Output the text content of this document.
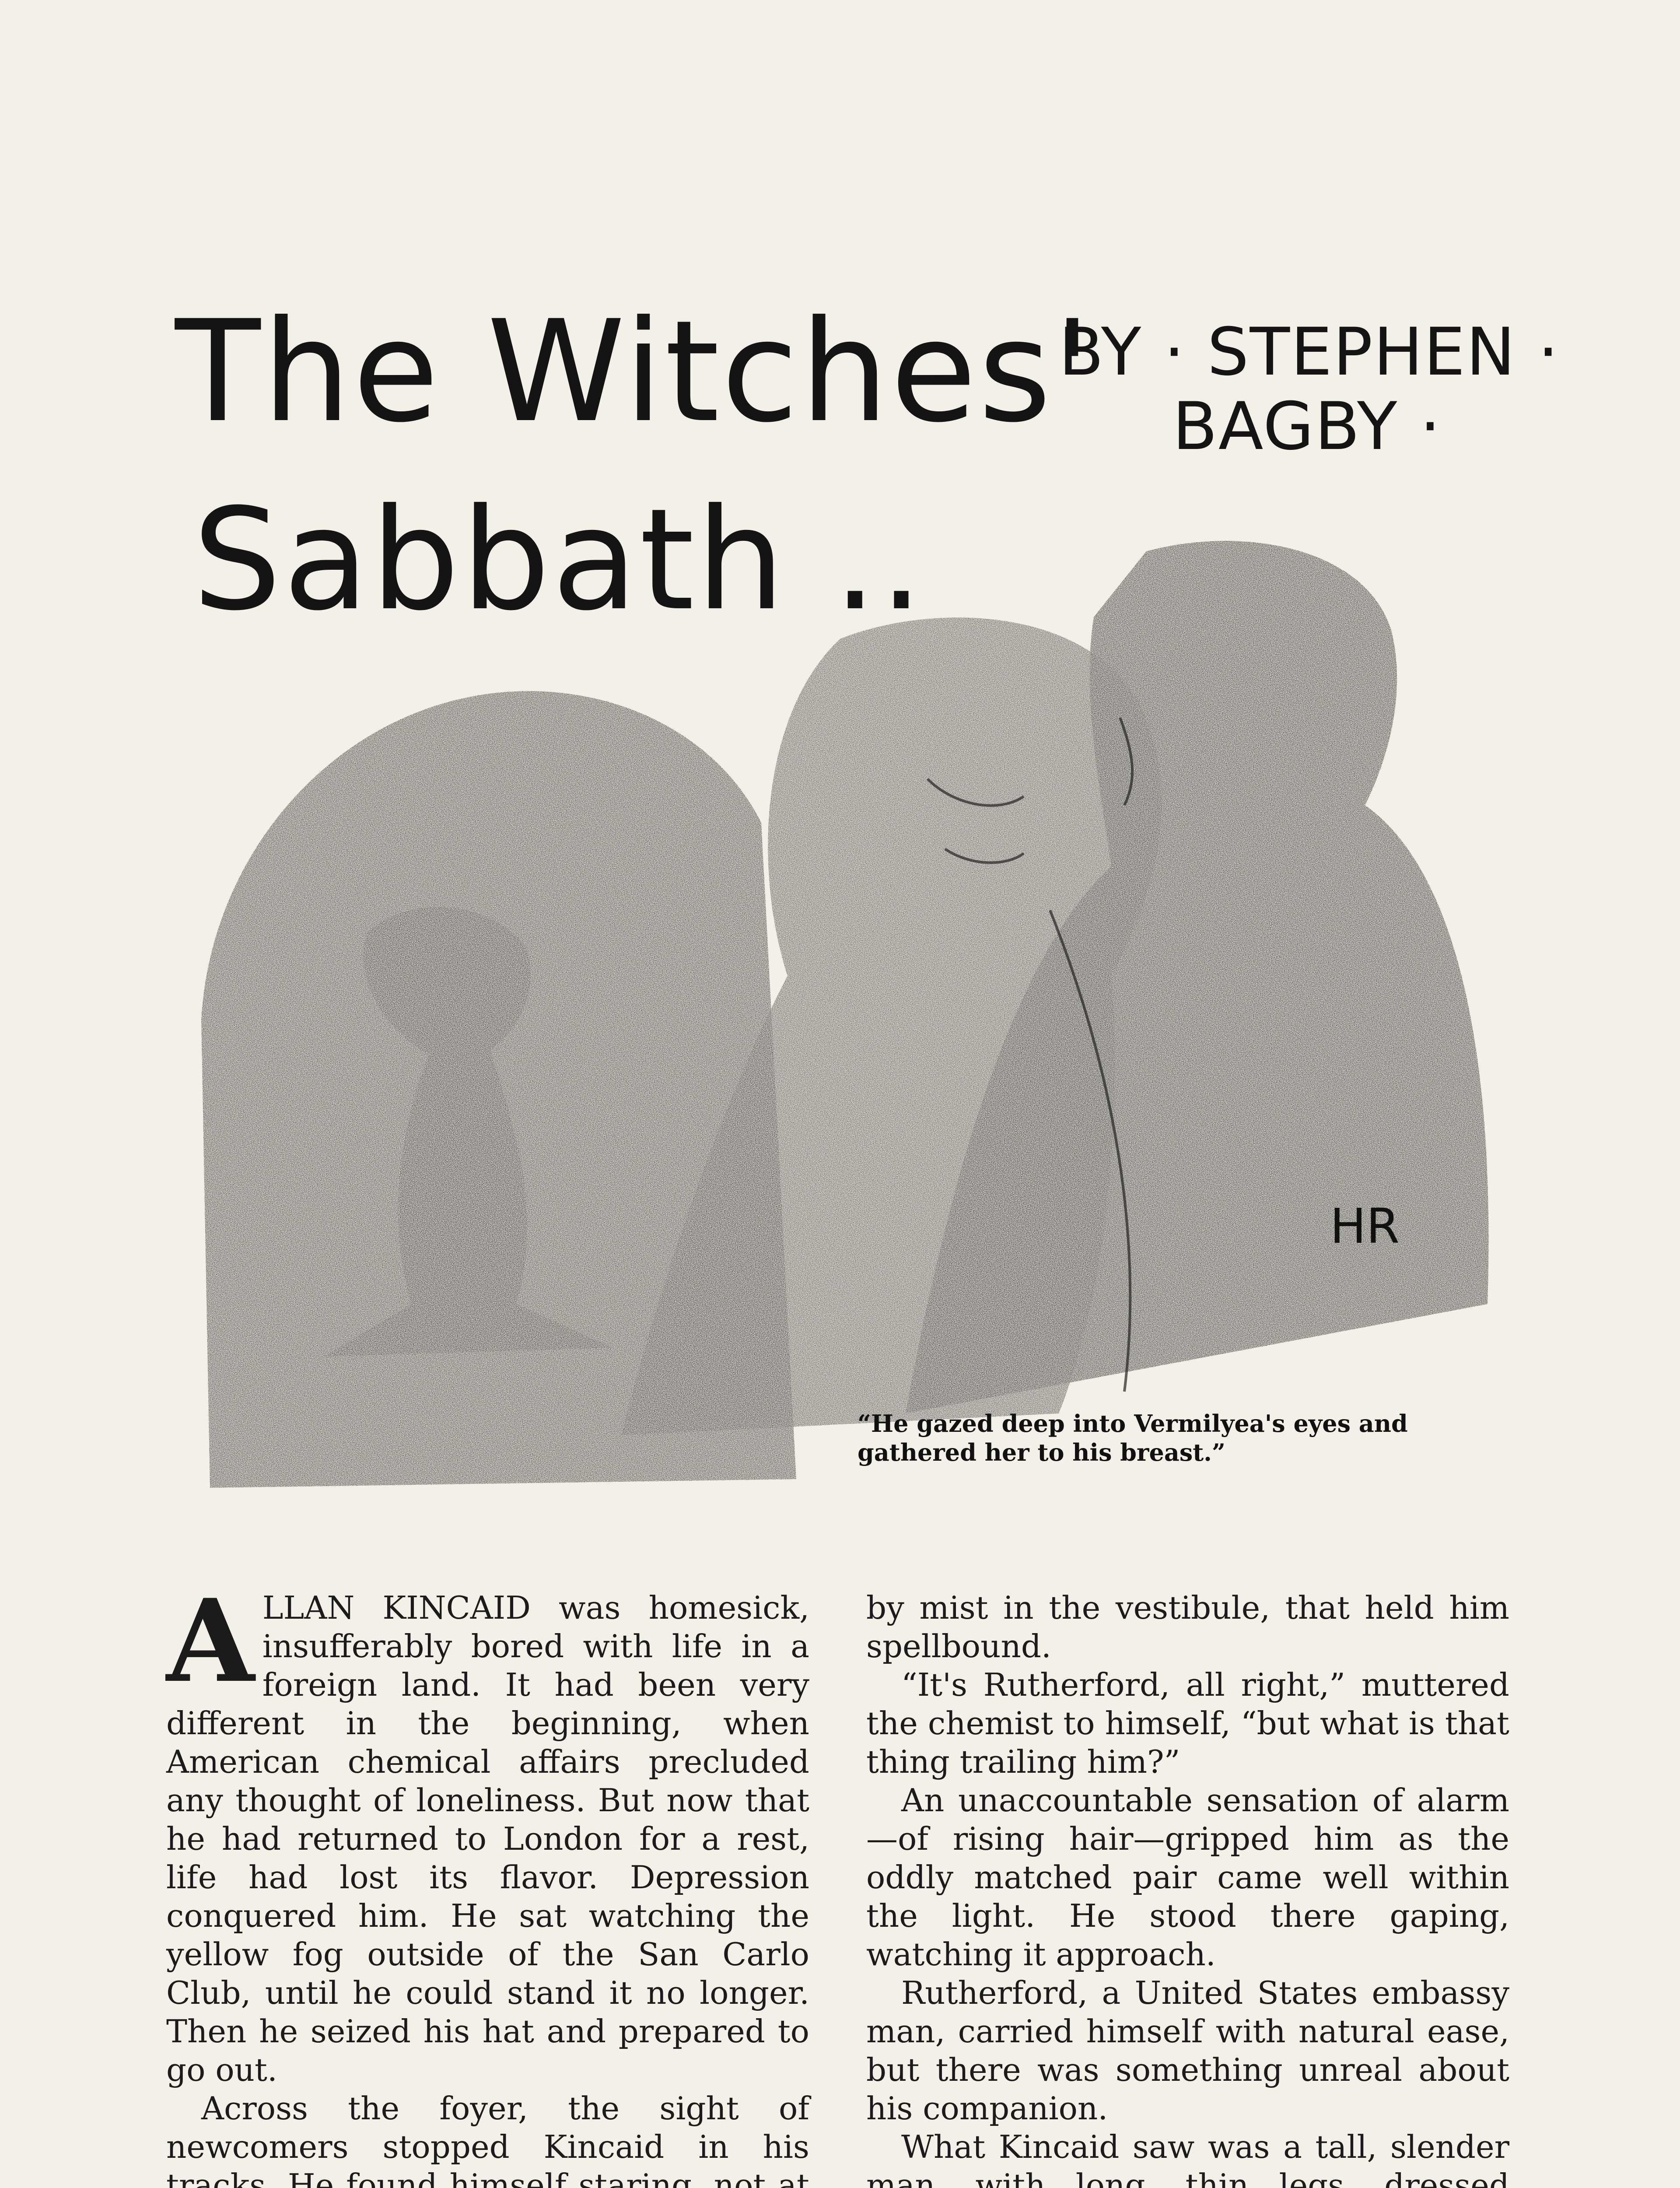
The Witches'
Sabbath ..
BY · STEPHEN ·
BAGBY ·
HR
“He gazed deep into Vermilyea's eyes and gathered her to his breast.”

ALLAN KINCAID was homesick, insufferably bored with life in a foreign land. It had been very different in the beginning, when American chemical affairs precluded any thought of loneliness. But now that he had returned to London for a rest, life had lost its flavor. Depression conquered him. He sat watching the yellow fog outside of the San Carlo Club, until he could stand it no longer. Then he seized his hat and prepared to go out.

Across the foyer, the sight of newcomers stopped Kincaid in his tracks. He found himself staring, not at

by mist in the vestibule, that held him spellbound.

“It's Rutherford, all right,” muttered the chemist to himself, “but what is that thing trailing him?”

An unaccountable sensation of alarm—of rising hair—gripped him as the oddly matched pair came well within the light. He stood there gaping, watching it approach.

Rutherford, a United States embassy man, carried himself with natural ease, but there was something unreal about his companion.

What Kincaid saw was a tall, slender man, with long, thin legs, dressed
